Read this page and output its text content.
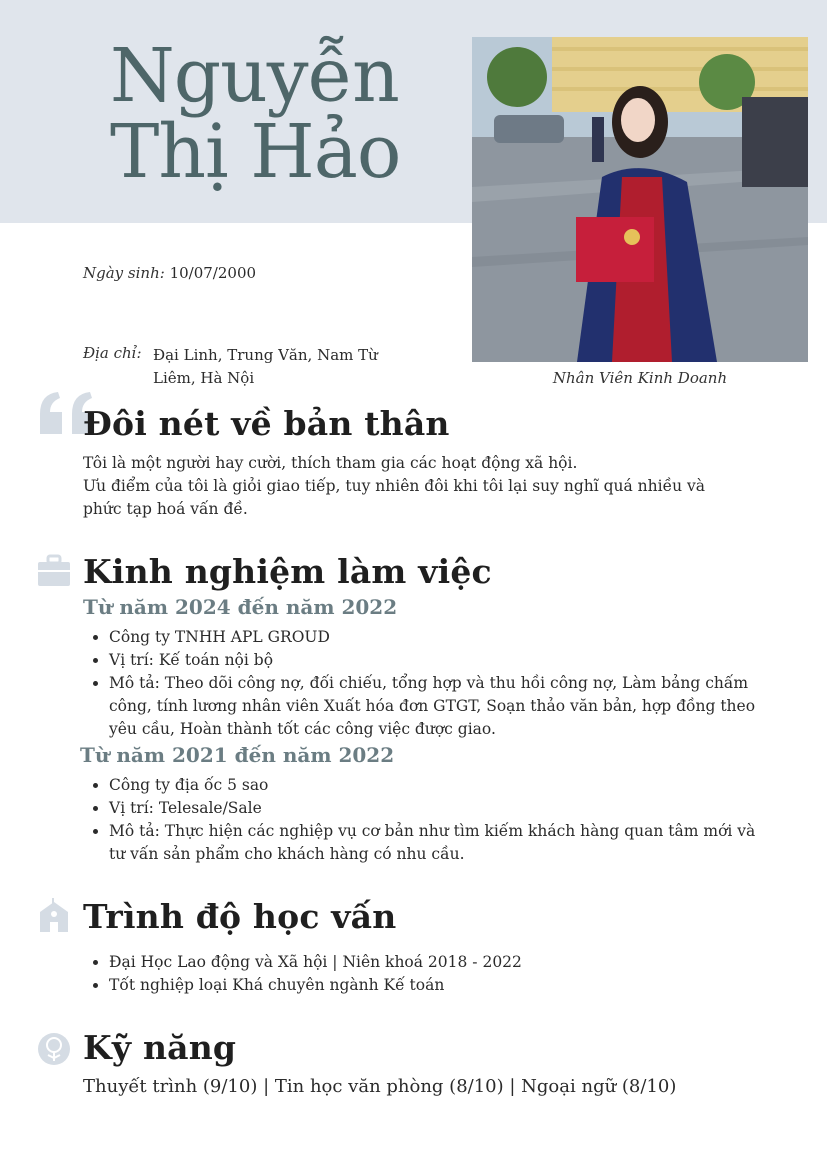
Nguyễn
Thị Hảo
Nhân Viên Kinh Doanh
Ngày sinh: 10/07/2000
Địa chỉ: Đại Linh, Trung Văn, Nam Từ Liêm, Hà Nội
Đôi nét về bản thân

Tôi là một người hay cười, thích tham gia các hoạt động xã hội.

Ưu điểm của tôi là giỏi giao tiếp, tuy nhiên đôi khi tôi lại suy nghĩ quá nhiều và phức tạp hoá vấn đề.

Kinh nghiệm làm việc

Từ năm 2024 đến năm 2022

• Công ty TNHH APL GROUD
• Vị trí: Kế toán nội bộ
• Mô tả: Theo dõi công nợ, đối chiếu, tổng hợp và thu hồi công nợ, Làm bảng chấm công, tính lương nhân viên Xuất hóa đơn GTGT, Soạn thảo văn bản, hợp đồng theo yêu cầu, Hoàn thành tốt các công việc được giao.

Từ năm 2021 đến năm 2022

• Công ty địa ốc 5 sao
• Vị trí: Telesale/Sale
• Mô tả: Thực hiện các nghiệp vụ cơ bản như tìm kiếm khách hàng quan tâm mới và tư vấn sản phẩm cho khách hàng có nhu cầu.
Trình độ học vấn
• Đại Học Lao động và Xã hội | Niên khoá 2018 - 2022
• Tốt nghiệp loại Khá chuyên ngành Kế toán
Kỹ năng

Thuyết trình (9/10) | Tin học văn phòng (8/10) | Ngoại ngữ (8/10)
